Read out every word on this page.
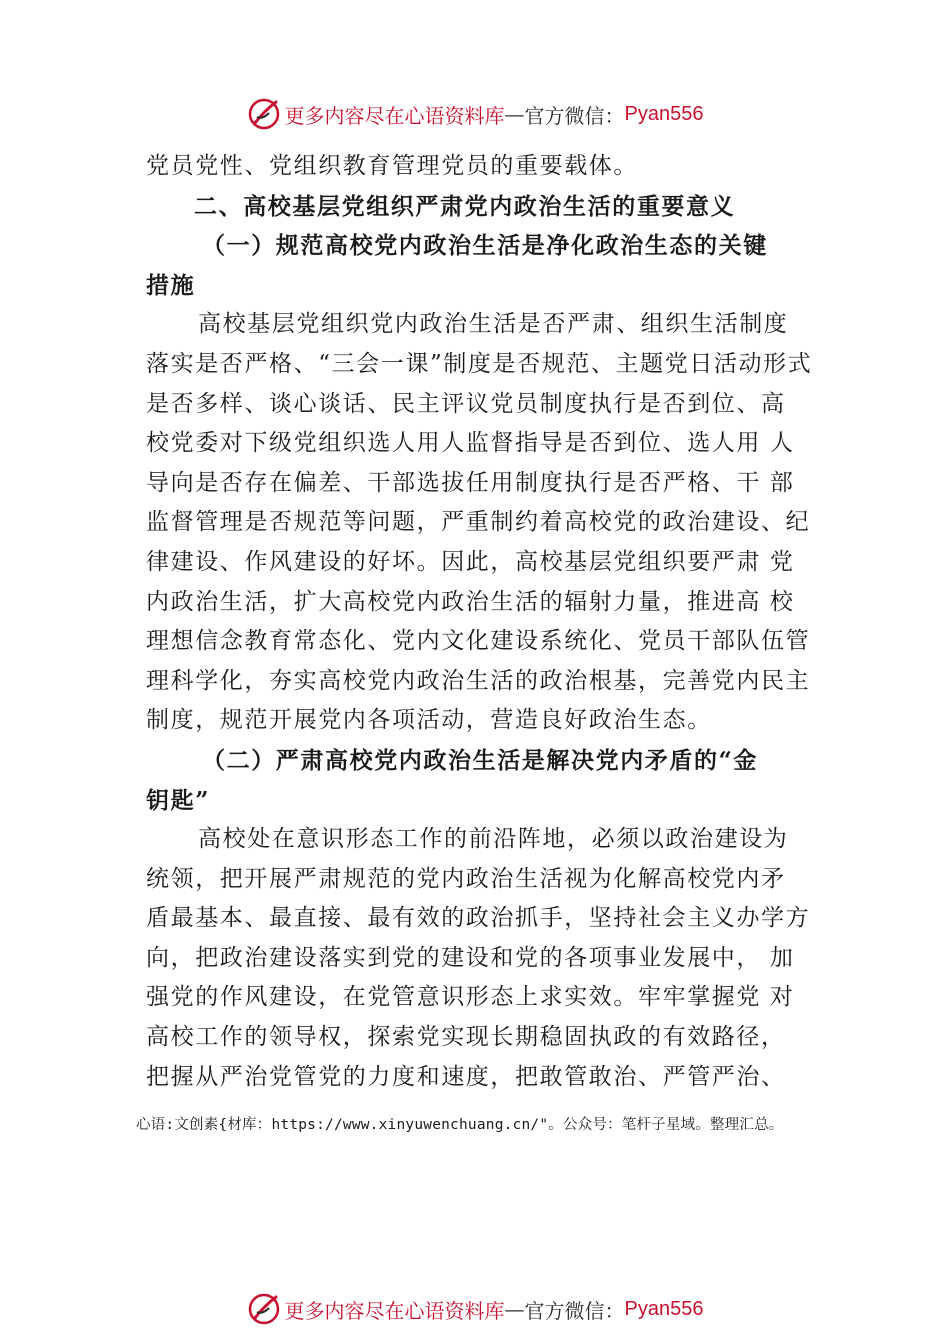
更多内容尽在心语资料库 — 官方微信： Pyan556
党员党性、党组织教育管理党员的重要载体。
二、高校基层党组织严肃党内政治生活的重要意义
（一）规范高校党内政治生活是净化政治生态的关键
措施
高校基层党组织党内政治生活是否严肃、组织生活制度
落实是否严格、“三会一课”制度是否规范、主题党日活动形式
是否多样、谈心谈话、民主评议党员制度执行是否到位、高
校党委对下级党组织选人用人监督指导是否到位、选人用 人
导向是否存在偏差、干部选拔任用制度执行是否严格、干 部
监督管理是否规范等问题，严重制约着高校党的政治建设、纪
律建设、作风建设的好坏。因此，高校基层党组织要严肃 党
内政治生活，扩大高校党内政治生活的辐射力量，推进高 校
理想信念教育常态化、党内文化建设系统化、党员干部队伍管
理科学化，夯实高校党内政治生活的政治根基，完善党内民主
制度，规范开展党内各项活动，营造良好政治生态。
（二）严肃高校党内政治生活是解决党内矛盾的“金
钥匙”
高校处在意识形态工作的前沿阵地，必须以政治建设为
统领，把开展严肃规范的党内政治生活视为化解高校党内矛
盾最基本、最直接、最有效的政治抓手，坚持社会主义办学方
向，把政治建设落实到党的建设和党的各项事业发展中， 加
强党的作风建设，在党管意识形态上求实效。牢牢掌握党 对
高校工作的领导权，探索党实现长期稳固执政的有效路径，
把握从严治党管党的力度和速度，把敢管敢治、严管严治、
心语:文创素{材库：https://www.xinyuwenchuang.cn/"。公众号：笔杆子星域。整理汇总。
更多内容尽在心语资料库 — 官方微信： Pyan556
